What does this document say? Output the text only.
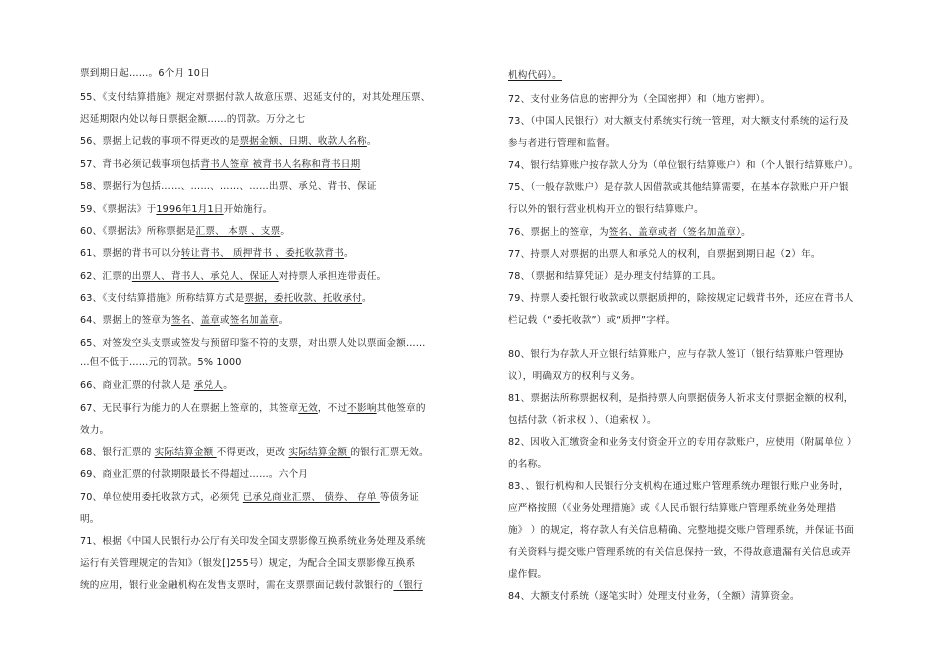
票到期日起……。6个月 10日
55、《支付结算措施》规定对票据付款人故意压票、迟延支付的，对其处理压票、
迟延期限内处以每日票据金额……的罚款。万分之七
56、票据上记载的事项不得更改的是票据金额、日期、收款人名称。
57、背书必须记载事项包括背书人签章 被背书人名称和背书日期
58、票据行为包括……、……、……、……出票、承兑、背书、保证
59、《票据法》于1996年1月1日开始施行。
60、《票据法》所称票据是汇票、 本票 、支票。
61、票据的背书可以分转让背书、 质押背书 、委托收款背书。
62、汇票的出票人、背书人、承兑人、保证人对持票人承担连带责任。
63、《支付结算措施》所称结算方式是票据，委托收款、托收承付。
64、票据上的签章为签名、盖章或签名加盖章。
65、对签发空头支票或签发与预留印鉴不符的支票，对出票人处以票面金额……
…但不低于……元的罚款。5% 1000
66、商业汇票的付款人是 承兑人。
67、无民事行为能力的人在票据上签章的，其签章无效，不过不影响其他签章的
效力。
68、银行汇票的 实际结算金额 不得更改，更改 实际结算金额 的银行汇票无效。
69、商业汇票的付款期限最长不得超过……。六个月
70、单位使用委托收款方式，必须凭 已承兑商业汇票、 债券、 存单 等债务证
明。
71、根据《中国人民银行办公厅有关印发全国支票影像互换系统业务处理及系统
运行有关管理规定的告知》（银发[]255号）规定，为配合全国支票影像互换系
统的应用，银行业金融机构在发售支票时，需在支票票面记载付款银行的（银行
机构代码）。
72、支付业务信息的密押分为（全国密押）和（地方密押）。
73、（中国人民银行）对大额支付系统实行统一管理，对大额支付系统的运行及
参与者进行管理和监督。
74、银行结算账户按存款人分为（单位银行结算账户）和（个人银行结算账户）。
75、（一般存款账户）是存款人因借款或其他结算需要，在基本存款账户开户银
行以外的银行营业机构开立的银行结算账户。
76、票据上的签章，为签名、盖章或者（签名加盖章）。
77、持票人对票据的出票人和承兑人的权利，自票据到期日起（2）年。
78、（票据和结算凭证）是办理支付结算的工具。
79、持票人委托银行收款或以票据质押的，除按规定记载背书外，还应在背书人
栏记载（“委托收款”）或“质押”字样。
80、银行为存款人开立银行结算账户，应与存款人签订（银行结算账户管理协
议），明确双方的权利与义务。
81、票据法所称票据权利，是指持票人向票据债务人祈求支付票据金额的权利，
包括付款（祈求权 ）、（追索权 ）。
82、因收入汇缴资金和业务支付资金开立的专用存款账户，应使用（附属单位 ）
的名称。
83、、银行机构和人民银行分支机构在通过账户管理系统办理银行账户业务时，
应严格按照（《业务处理措施》或《人民币银行结算账户管理系统业务处理措
施》 ）的规定，将存款人有关信息精确、完整地提交账户管理系统，并保证书面
有关资料与提交账户管理系统的有关信息保持一致，不得故意遗漏有关信息或弄
虚作假。
84、大额支付系统（逐笔实时）处理支付业务，（全额）清算资金。
